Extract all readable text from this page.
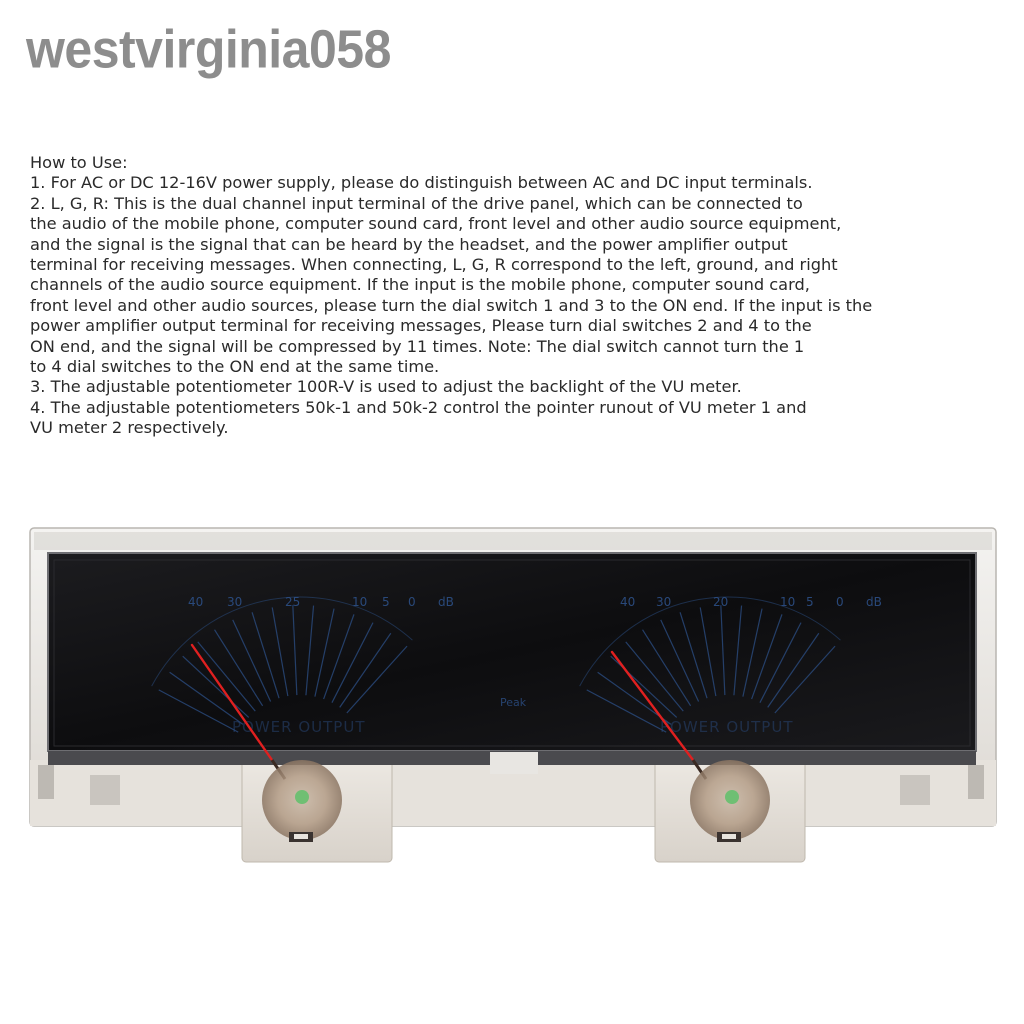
westvirginia058
How to Use:
1. For AC or DC 12-16V power supply, please do distinguish between AC and DC input terminals.
2. L, G, R: This is the dual channel input terminal of the drive panel, which can be connected to
the audio of the mobile phone, computer sound card, front level and other audio source equipment,
and the signal is the signal that can be heard by the headset, and the power amplifier output
terminal for receiving messages. When connecting, L, G, R correspond to the left, ground, and right
channels of the audio source equipment. If the input is the mobile phone, computer sound card,
front level and other audio sources, please turn the dial switch 1 and 3 to the ON end. If the input is the
power amplifier output terminal for receiving messages, Please turn dial switches 2 and 4 to the
ON end, and the signal will be compressed by 11 times. Note: The dial switch cannot turn the 1
to 4 dial switches to the ON end at the same time.
3. The adjustable potentiometer 100R-V is used to adjust the backlight of the VU meter.
4. The adjustable potentiometers 50k-1 and 50k-2 control the pointer runout of VU meter 1 and
VU meter 2 respectively.
40 30	25	10 5 0 dB	40 30	20	10 5 0 dB
POWER OUTPUT	POWER OUTPUT
Peak
